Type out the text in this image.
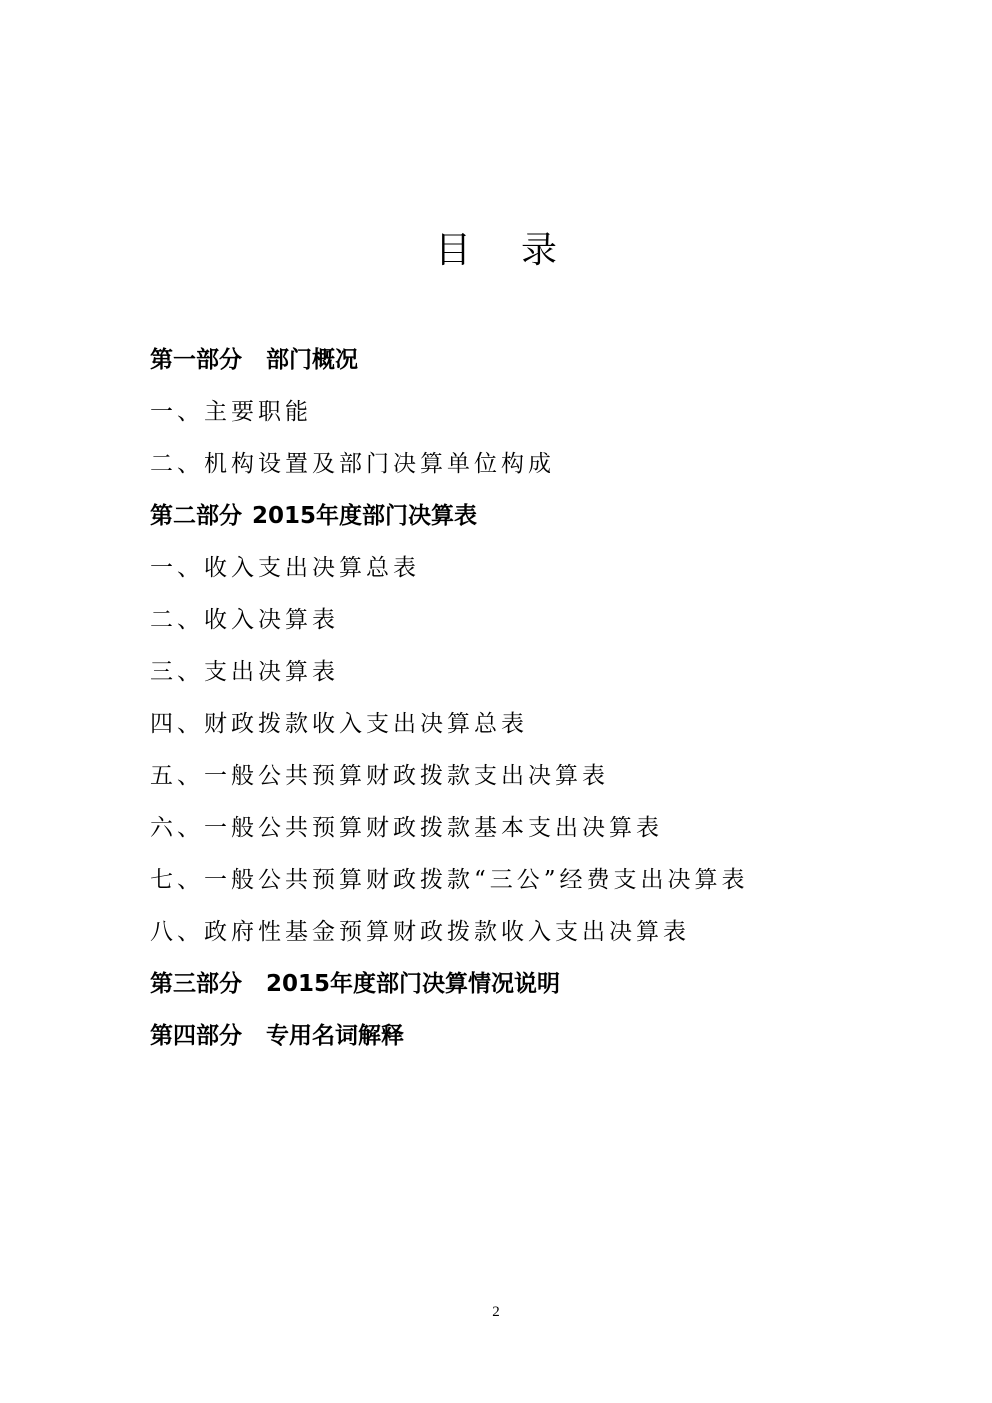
目录
第一部分 部门概况
一、主要职能
二、机构设置及部门决算单位构成
第二部分 2015年度部门决算表
一、收入支出决算总表
二、收入决算表
三、支出决算表
四、财政拨款收入支出决算总表
五、一般公共预算财政拨款支出决算表
六、一般公共预算财政拨款基本支出决算表
七、一般公共预算财政拨款“三公”经费支出决算表
八、政府性基金预算财政拨款收入支出决算表
第三部分 2015年度部门决算情况说明
第四部分 专用名词解释
2
